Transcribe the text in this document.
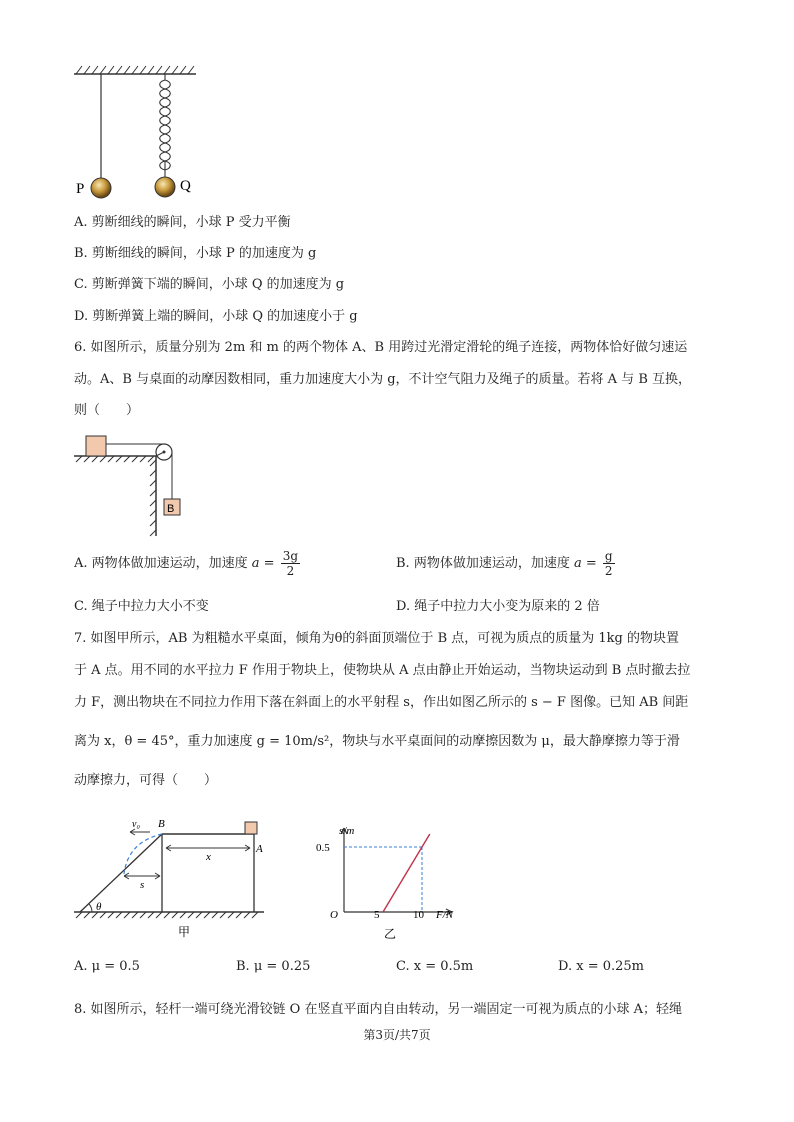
P	Q
A. 剪断细线的瞬间，小球 P 受力平衡
B. 剪断细线的瞬间，小球 P 的加速度为 g
C. 剪断弹簧下端的瞬间，小球 Q 的加速度为 g
D. 剪断弹簧上端的瞬间，小球 Q 的加速度小于 g
6. 如图所示，质量分别为 2m 和 m 的两个物体 A、B 用跨过光滑定滑轮的绳子连接，两物体恰好做匀速运
动。A、B 与桌面的动摩因数相同，重力加速度大小为 g，不计空气阻力及绳子的质量。若将 A 与 B 互换，
则（　　）
B
A. 两物体做加速运动，加速度 $a = \frac{3g}{2}$	B. 两物体做加速运动，加速度 $a = \frac{g}{2}$
C. 绳子中拉力大小不变	D. 绳子中拉力大小变为原来的 2 倍
7. 如图甲所示，AB 为粗糙水平桌面，倾角为θ的斜面顶端位于 B 点，可视为质点的质量为 1kg 的物块置
于 A 点。用不同的水平拉力 F 作用于物块上，使物块从 A 点由静止开始运动，当物块运动到 B 点时撤去拉
力 F，测出物块在不同拉力作用下落在斜面上的水平射程 s，作出如图乙所示的 s − F 图像。已知 AB 间距
离为 x，θ = 45°，重力加速度 g = 10m/s²，物块与水平桌面间的动摩擦因数为 μ，最大静摩擦力等于滑
动摩擦力，可得（　　）
v₀ B
A
x
s
θ
甲
s/m
F/N
O
0.5
5	10
乙
A. μ = 0.5	B. μ = 0.25	C. x = 0.5m	D. x = 0.25m
8. 如图所示，轻杆一端可绕光滑铰链 O 在竖直平面内自由转动，另一端固定一可视为质点的小球 A；轻绳
第3页/共7页
